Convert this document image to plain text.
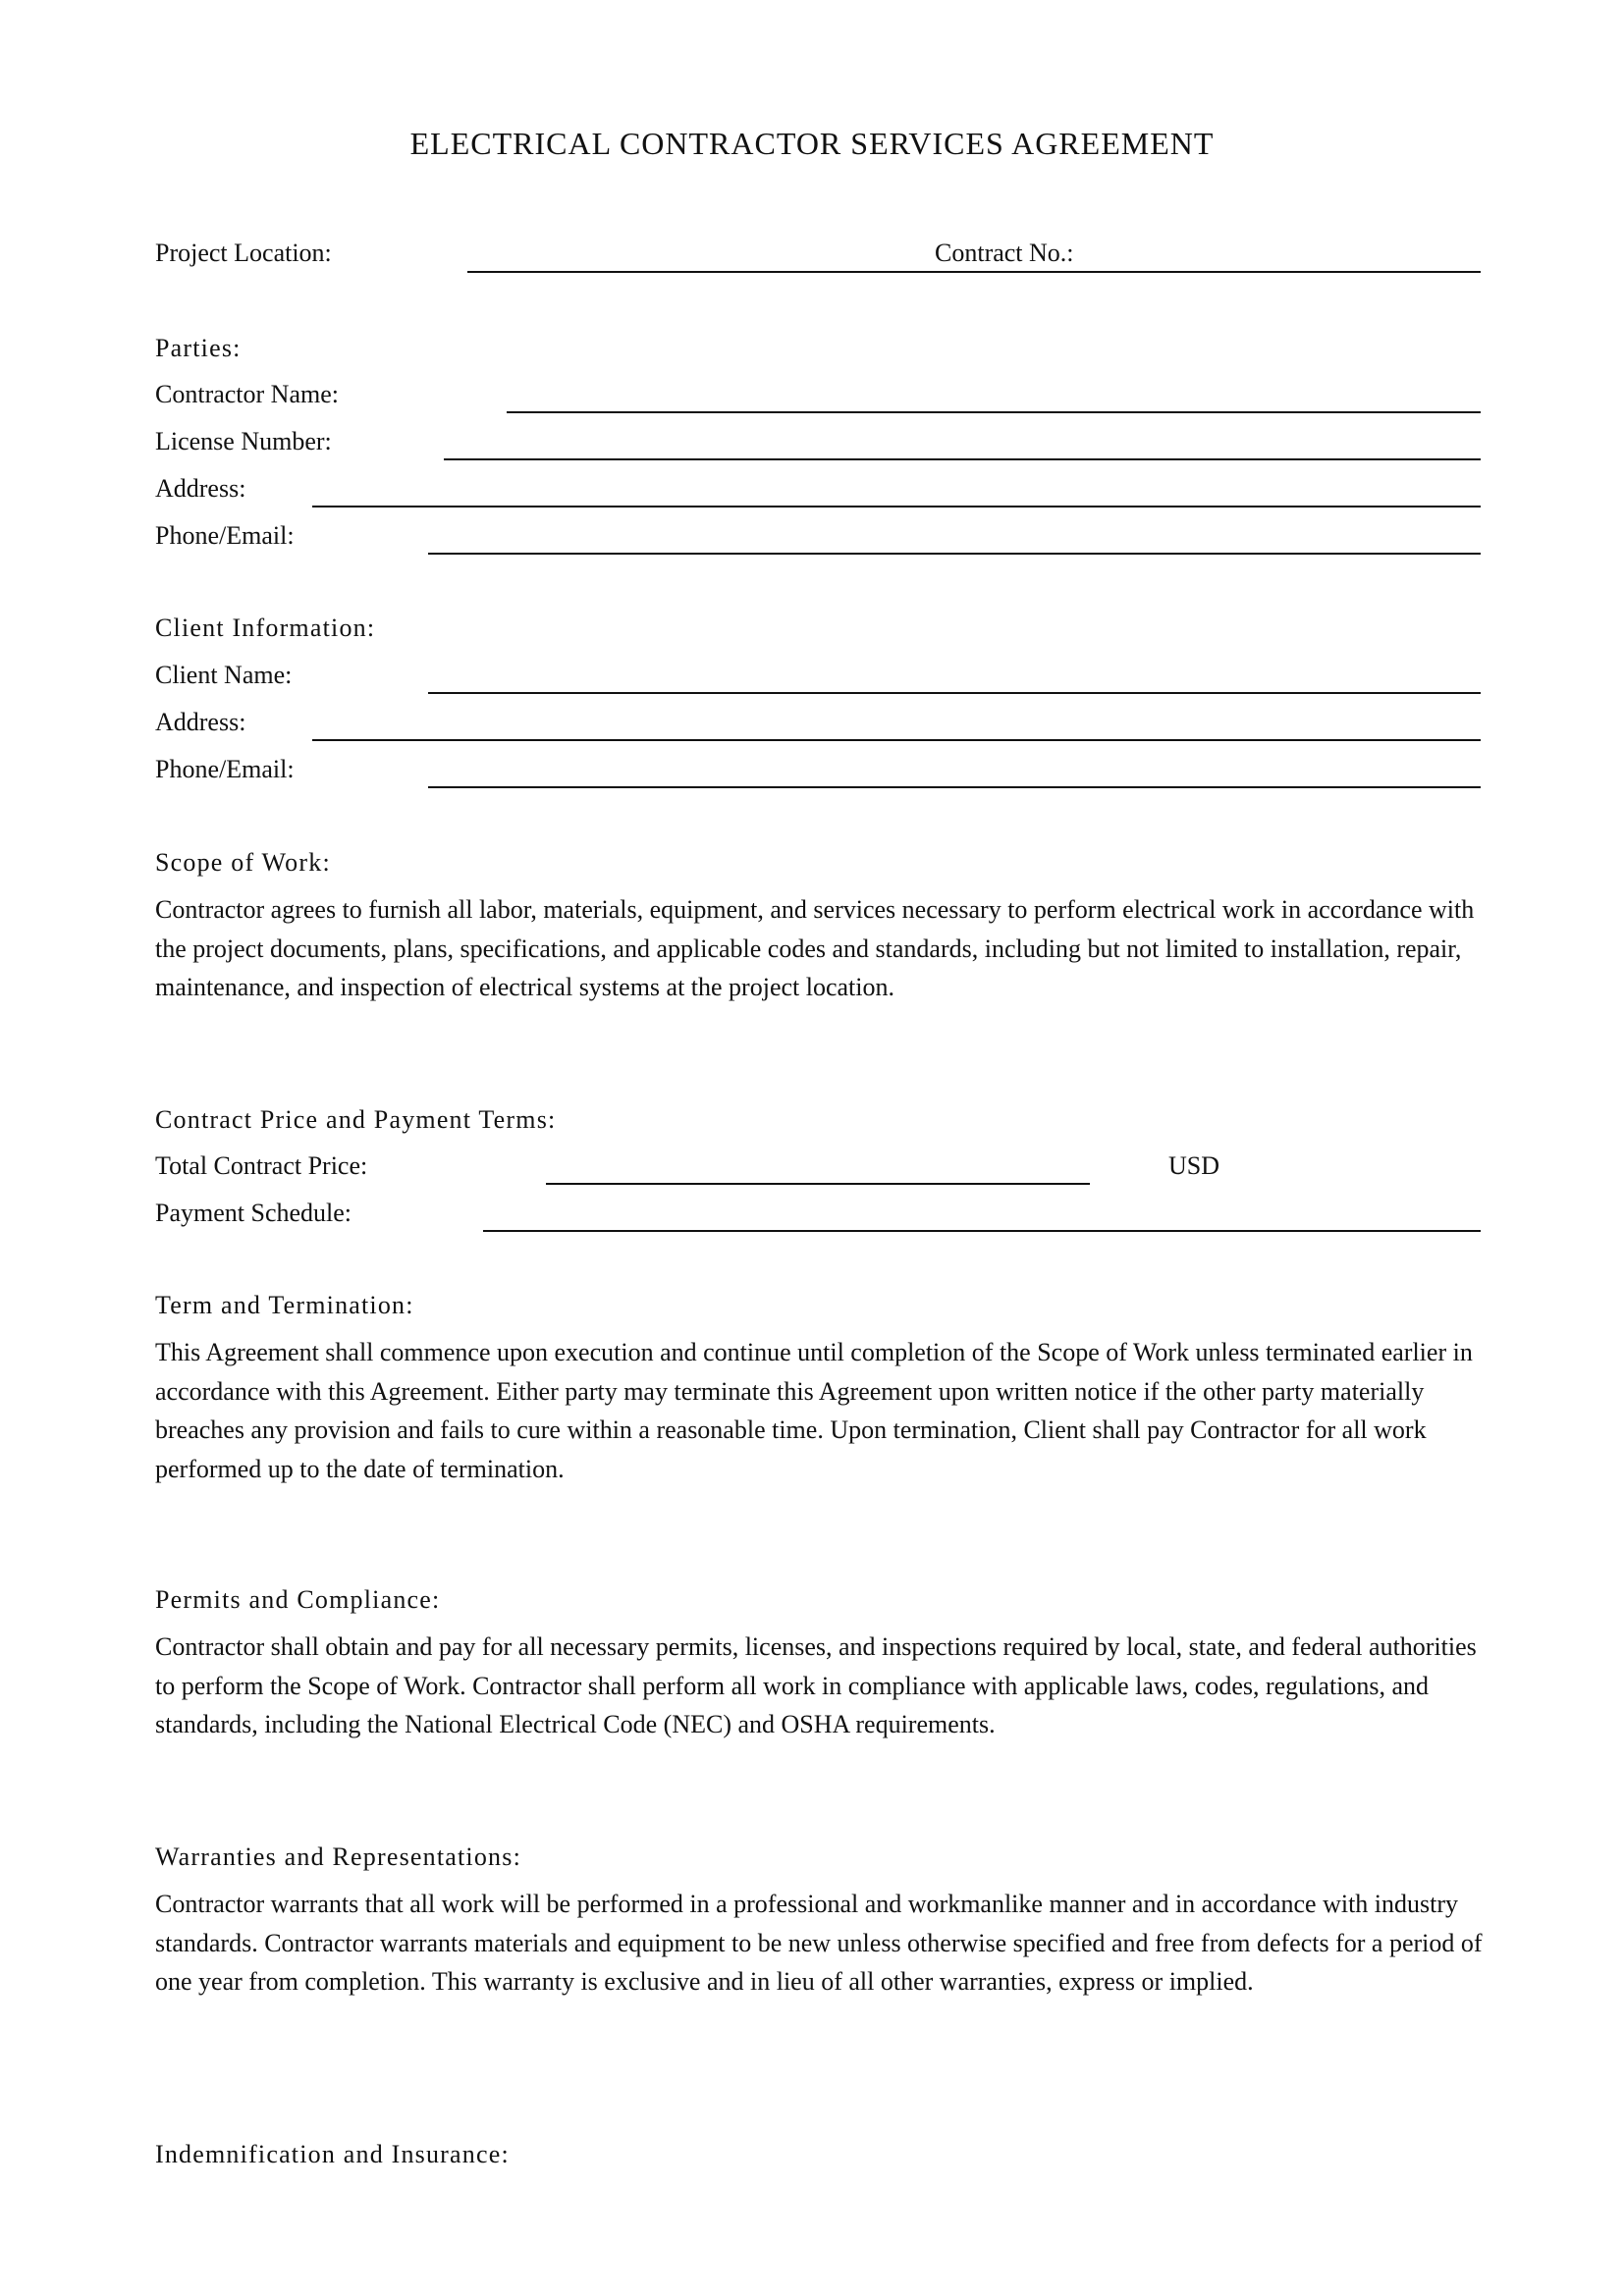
ELECTRICAL CONTRACTOR SERVICES AGREEMENT
Project Location:	Contract No.:
Parties:
Contractor Name:
License Number:
Address:
Phone/Email:
Client Information:
Client Name:
Address:
Phone/Email:
Scope of Work:
Contractor agrees to furnish all labor, materials, equipment, and services necessary to perform electrical work in accordance with the project documents, plans, specifications, and applicable codes and standards, including but not limited to installation, repair, maintenance, and inspection of electrical systems at the project location.
Contract Price and Payment Terms:
Total Contract Price:	USD
Payment Schedule:
Term and Termination:
This Agreement shall commence upon execution and continue until completion of the Scope of Work unless terminated earlier in accordance with this Agreement. Either party may terminate this Agreement upon written notice if the other party materially breaches any provision and fails to cure within a reasonable time. Upon termination, Client shall pay Contractor for all work performed up to the date of termination.
Permits and Compliance:
Contractor shall obtain and pay for all necessary permits, licenses, and inspections required by local, state, and federal authorities to perform the Scope of Work. Contractor shall perform all work in compliance with applicable laws, codes, regulations, and standards, including the National Electrical Code (NEC) and OSHA requirements.
Warranties and Representations:
Contractor warrants that all work will be performed in a professional and workmanlike manner and in accordance with industry standards. Contractor warrants materials and equipment to be new unless otherwise specified and free from defects for a period of one year from completion. This warranty is exclusive and in lieu of all other warranties, express or implied.
Indemnification and Insurance:
